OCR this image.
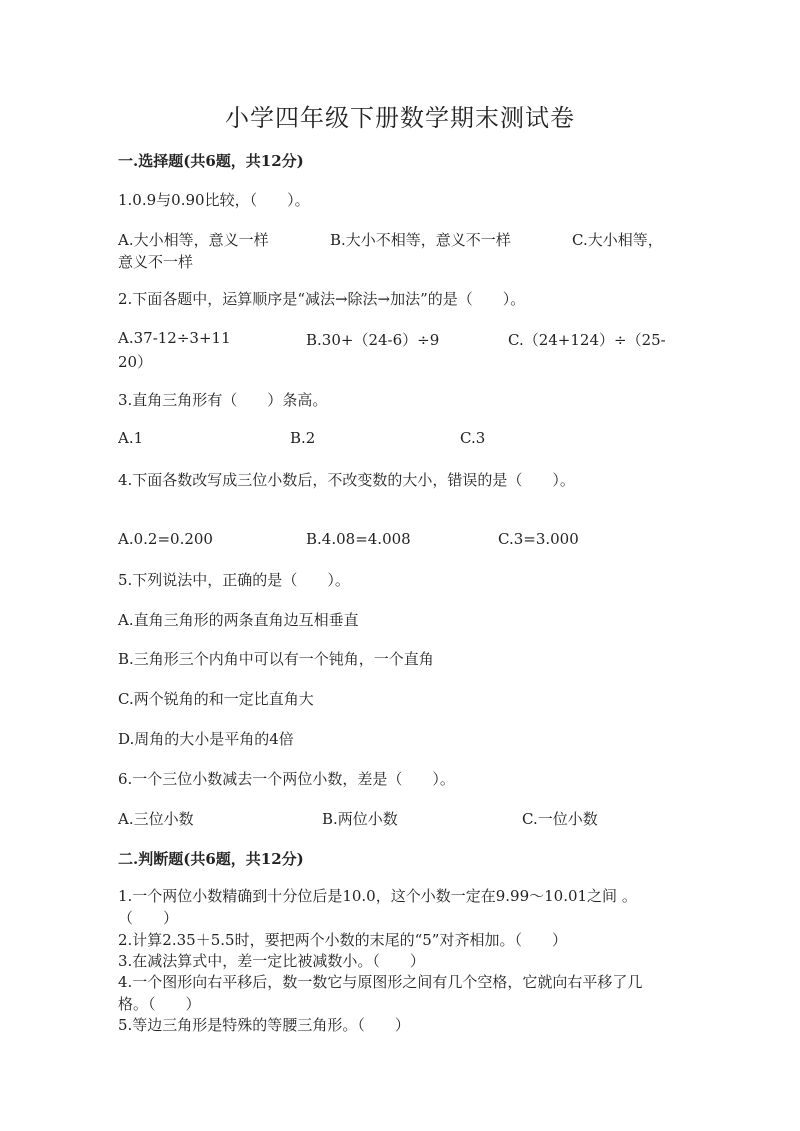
小学四年级下册数学期末测试卷
一.选择题(共6题，共12分)
1.0.9与0.90比较，（　　）。
A.大小相等，意义一样	B.大小不相等，意义不一样	C.大小相等，
意义不一样
2.下面各题中，运算顺序是“减法→除法→加法”的是（　　）。
A.37-12÷3+11	B.30+（24-6）÷9	C.（24+124）÷（25-
20）
3.直角三角形有（　　）条高。
A.1	B.2	C.3
4.下面各数改写成三位小数后，不改变数的大小，错误的是（　　）。
A.0.2=0.200	B.4.08=4.008	C.3=3.000
5.下列说法中，正确的是（　　）。
A.直角三角形的两条直角边互相垂直
B.三角形三个内角中可以有一个钝角，一个直角
C.两个锐角的和一定比直角大
D.周角的大小是平角的4倍
6.一个三位小数减去一个两位小数，差是（　　）。
A.三位小数	B.两位小数	C.一位小数
二.判断题(共6题，共12分)
1.一个两位小数精确到十分位后是10.0，这个小数一定在9.99～10.01之间 。（　　）
2.计算2.35＋5.5时，要把两个小数的末尾的“5”对齐相加。（　　）
3.在减法算式中，差一定比被减数小。（　　）
4.一个图形向右平移后，数一数它与原图形之间有几个空格，它就向右平移了几格。（　　）
5.等边三角形是特殊的等腰三角形。（　　）
